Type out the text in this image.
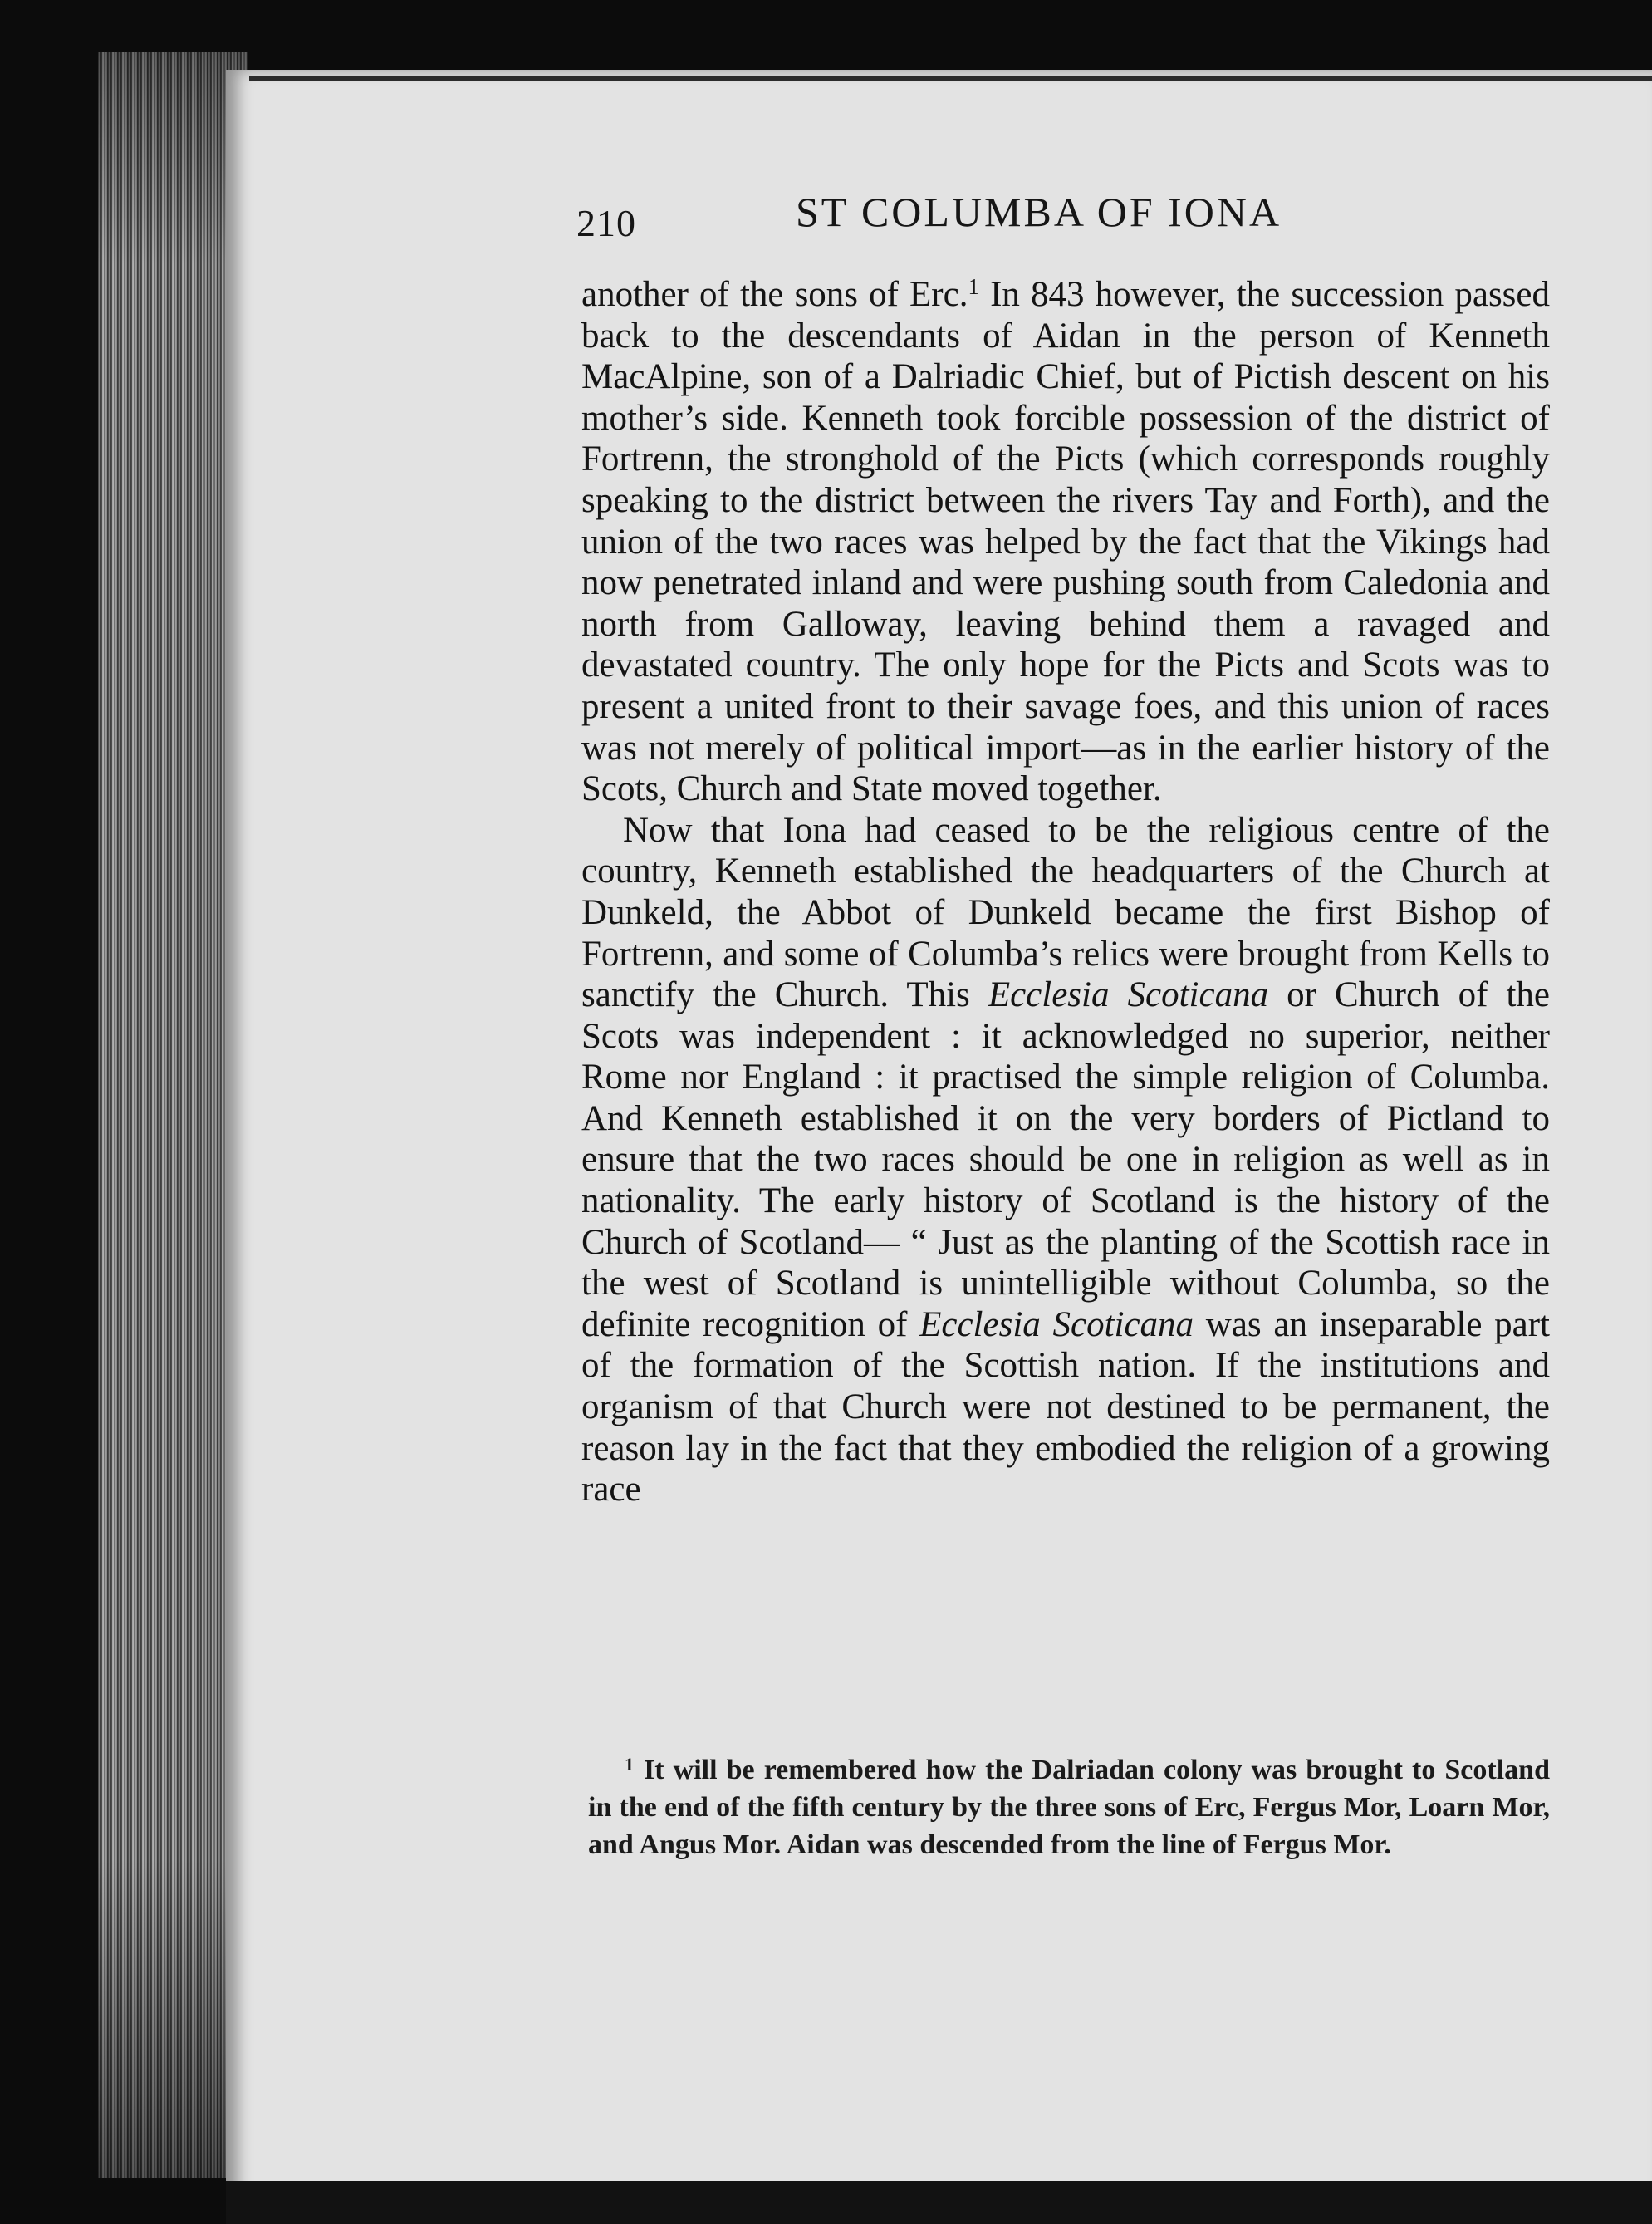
210	ST COLUMBA OF IONA

another of the sons of Erc.$^1$ In 843 however, the succession passed back to the descendants of Aidan in the person of Kenneth MacAlpine, son of a Dalriadic Chief, but of Pictish descent on his mother’s side. Kenneth took forcible possession of the district of Fortrenn, the stronghold of the Picts (which corresponds roughly speaking to the district between the rivers Tay and Forth), and the union of the two races was helped by the fact that the Vikings had now penetrated inland and were pushing south from Caledonia and north from Galloway, leaving behind them a ravaged and devastated country. The only hope for the Picts and Scots was to present a united front to their savage foes, and this union of races was not merely of political import—as in the earlier history of the Scots, Church and State moved together.

Now that Iona had ceased to be the religious centre of the country, Kenneth established the headquarters of the Church at Dunkeld, the Abbot of Dunkeld became the first Bishop of Fortrenn, and some of Columba’s relics were brought from Kells to sanctify the Church. This Ecclesia Scoticana or Church of the Scots was independent : it acknowledged no superior, neither Rome nor England : it practised the simple religion of Columba. And Kenneth established it on the very borders of Pictland to ensure that the two races should be one in religion as well as in nationality. The early history of Scotland is the history of the Church of Scotland— “ Just as the planting of the Scottish race in the west of Scotland is unintelligible without Columba, so the definite recognition of Ecclesia Scoticana was an inseparable part of the formation of the Scottish nation. If the institutions and organism of that Church were not destined to be permanent, the reason lay in the fact that they embodied the religion of a growing race

$^1$ It will be remembered how the Dalriadan colony was brought to Scotland in the end of the fifth century by the three sons of Erc, Fergus Mor, Loarn Mor, and Angus Mor. Aidan was descended from the line of Fergus Mor.
